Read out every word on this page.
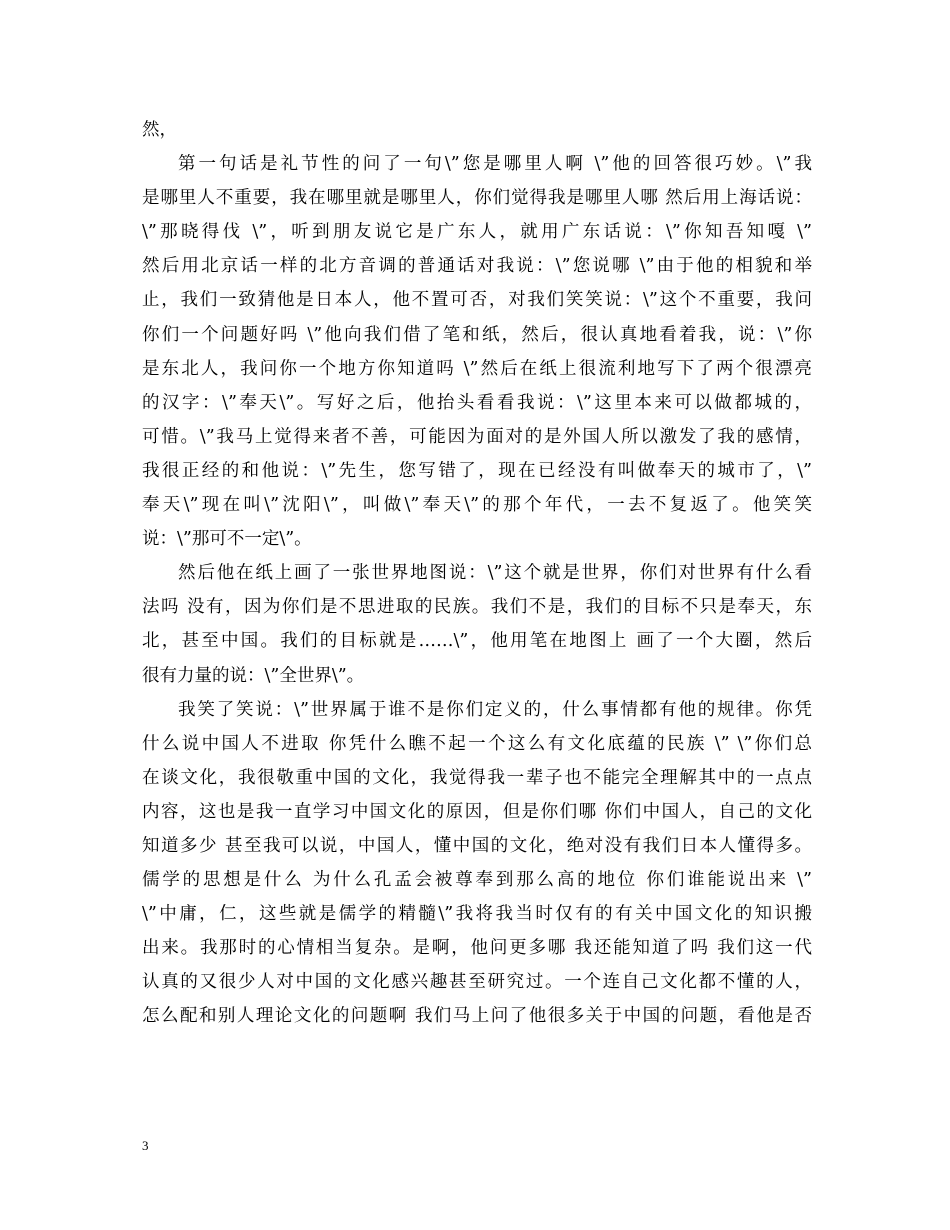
然，
第一句话是礼节性的问了一句\”您是哪里人啊 \”他的回答很巧妙。\”我
是哪里人不重要，我在哪里就是哪里人，你们觉得我是哪里人哪 然后用上海话说：
\”那晓得伐 \”，听到朋友说它是广东人，就用广东话说：\”你知吾知嘎 \”
然后用北京话一样的北方音调的普通话对我说：\”您说哪 \”由于他的相貌和举
止，我们一致猜他是日本人，他不置可否，对我们笑笑说：\”这个不重要，我问
你们一个问题好吗 \”他向我们借了笔和纸，然后，很认真地看着我，说：\”你
是东北人，我问你一个地方你知道吗 \”然后在纸上很流利地写下了两个很漂亮
的汉字：\”奉天\”。写好之后，他抬头看看我说：\”这里本来可以做都城的，
可惜。\”我马上觉得来者不善，可能因为面对的是外国人所以激发了我的感情，
我很正经的和他说：\”先生，您写错了，现在已经没有叫做奉天的城市了，\”
奉天\”现在叫\”沈阳\”，叫做\”奉天\”的那个年代，一去不复返了。他笑笑
说：\”那可不一定\”。
然后他在纸上画了一张世界地图说：\”这个就是世界，你们对世界有什么看
法吗 没有，因为你们是不思进取的民族。我们不是，我们的目标不只是奉天，东
北，甚至中国。我们的目标就是……\”，他用笔在地图上 画了一个大圈，然后
很有力量的说：\”全世界\”。
我笑了笑说：\”世界属于谁不是你们定义的，什么事情都有他的规律。你凭
什么说中国人不进取 你凭什么瞧不起一个这么有文化底蕴的民族 \” \”你们总
在谈文化，我很敬重中国的文化，我觉得我一辈子也不能完全理解其中的一点点
内容，这也是我一直学习中国文化的原因，但是你们哪 你们中国人，自己的文化
知道多少 甚至我可以说，中国人，懂中国的文化，绝对没有我们日本人懂得多。
儒学的思想是什么 为什么孔孟会被尊奉到那么高的地位 你们谁能说出来 \”
\”中庸，仁，这些就是儒学的精髓\”我将我当时仅有的有关中国文化的知识搬
出来。我那时的心情相当复杂。是啊，他问更多哪 我还能知道了吗 我们这一代
认真的又很少人对中国的文化感兴趣甚至研究过。一个连自己文化都不懂的人，
怎么配和别人理论文化的问题啊 我们马上问了他很多关于中国的问题，看他是否
3
